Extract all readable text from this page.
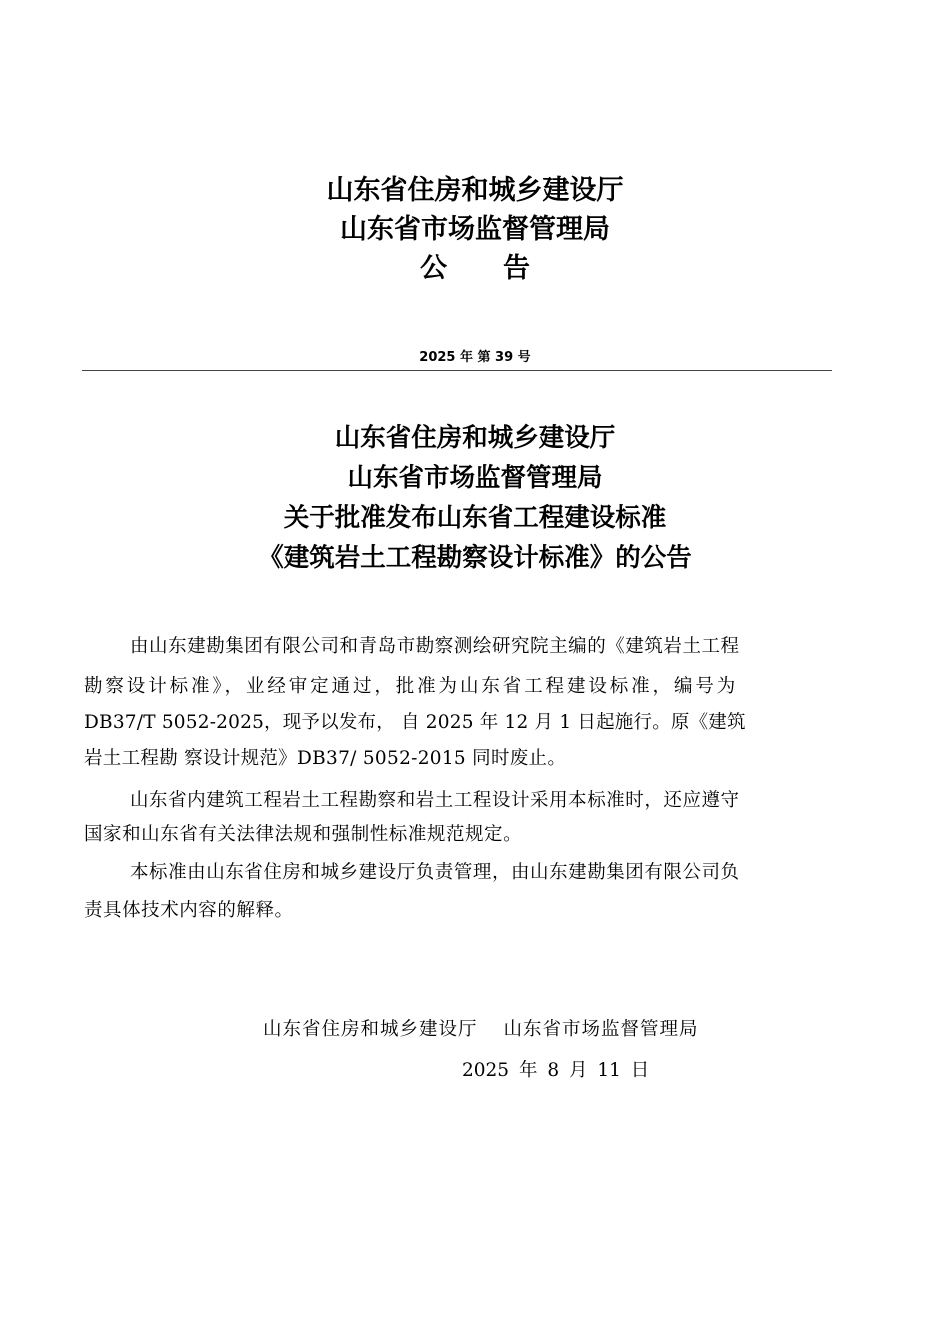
山东省住房和城乡建设厅
山东省市场监督管理局
公 告
2025 年 第 39 号
山东省住房和城乡建设厅
山东省市场监督管理局
关于批准发布山东省工程建设标准
《建筑岩土工程勘察设计标准》的公告
由山东建勘集团有限公司和青岛市勘察测绘研究院主编的《建筑岩土工程
勘察设计标准》，业经审定通过，批准为山东省工程建设标准，编号为
DB37/T 5052-2025，现予以发布， 自 2025 年 12 月 1 日起施行。原《建筑
岩土工程勘 察设计规范》DB37/ 5052-2015 同时废止。
山东省内建筑工程岩土工程勘察和岩土工程设计采用本标准时，还应遵守
国家和山东省有关法律法规和强制性标准规范规定。
本标准由山东省住房和城乡建设厅负责管理，由山东建勘集团有限公司负
责具体技术内容的解释。
山东省住房和城乡建设厅 山东省市场监督管理局
2025 年 8 月 11 日
